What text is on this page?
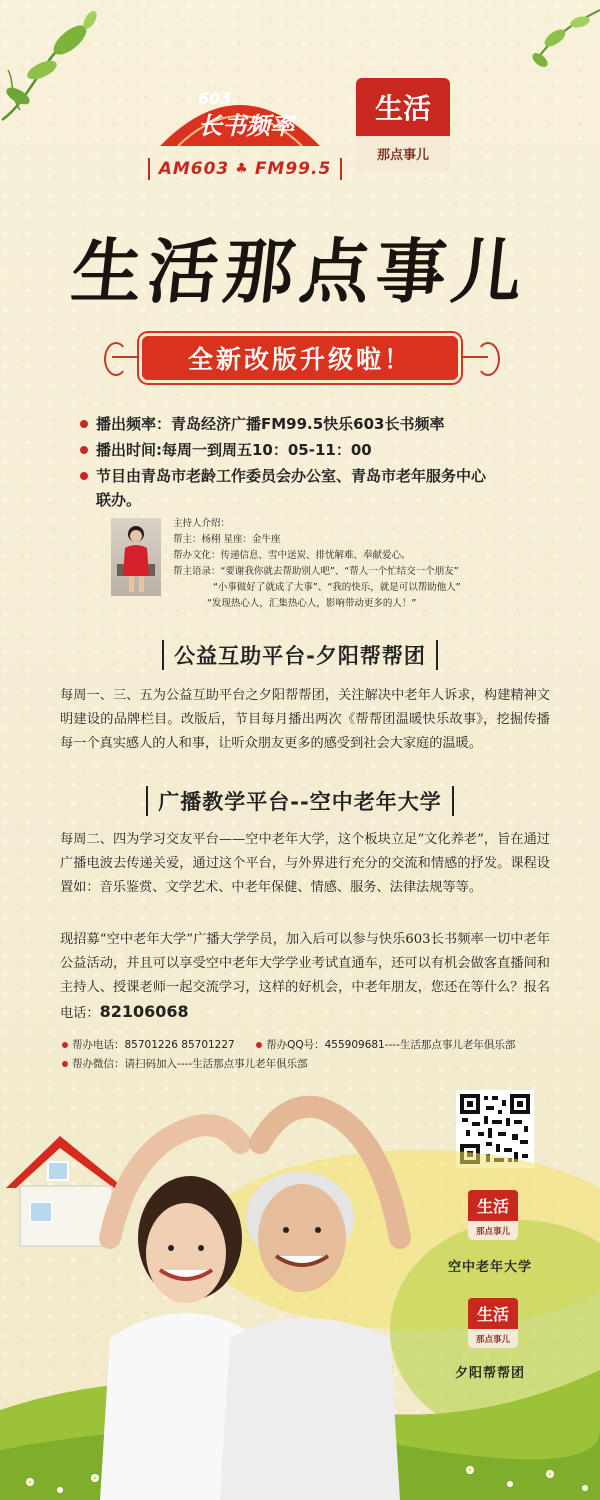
603
长书频率
AM603 ♣ FM99.5
生活
那点事儿
生活那点事儿
全新改版升级啦！
播出频率：青岛经济广播FM99.5快乐603长书频率
播出时间:每周一到周五10：05-11：00
节目由青岛市老龄工作委员会办公室、青岛市老年服务中心联办。
主持人介绍：
帮主：杨栩 星座：金牛座
帮办文化：传递信息、雪中送炭、排忧解难、奉献爱心。
帮主语录：“要谢我你就去帮助别人吧”、“帮人一个忙结交一个朋友”
“小事做好了就成了大事”、“我的快乐，就是可以帮助他人”
“发现热心人，汇集热心人，影响带动更多的人！”
公益互助平台-夕阳帮帮团
每周一、三、五为公益互助平台之夕阳帮帮团，关注解决中老年人诉求，构建精神文明建设的品牌栏目。改版后，节目每月播出两次《帮帮团温暖快乐故事》，挖掘传播每一个真实感人的人和事，让听众朋友更多的感受到社会大家庭的温暖。
广播教学平台--空中老年大学
每周二、四为学习交友平台——空中老年大学，这个板块立足“文化养老”，旨在通过广播电波去传递关爱，通过这个平台，与外界进行充分的交流和情感的抒发。课程设置如：音乐鉴赏、文学艺术、中老年保健、情感、服务、法律法规等等。
现招募“空中老年大学”广播大学学员，加入后可以参与快乐603长书频率一切中老年公益活动，并且可以享受空中老年大学学业考试直通车，还可以有机会做客直播间和主持人、授课老师一起交流学习，这样的好机会，中老年朋友，您还在等什么？报名电话：82106068
帮办电话：85701226 85701227	帮办QQ号：455909681----生活那点事儿老年俱乐部
帮办微信：请扫码加入----生活那点事儿老年俱乐部
生活
那点事儿
空中老年大学
生活
那点事儿
夕阳帮帮团
